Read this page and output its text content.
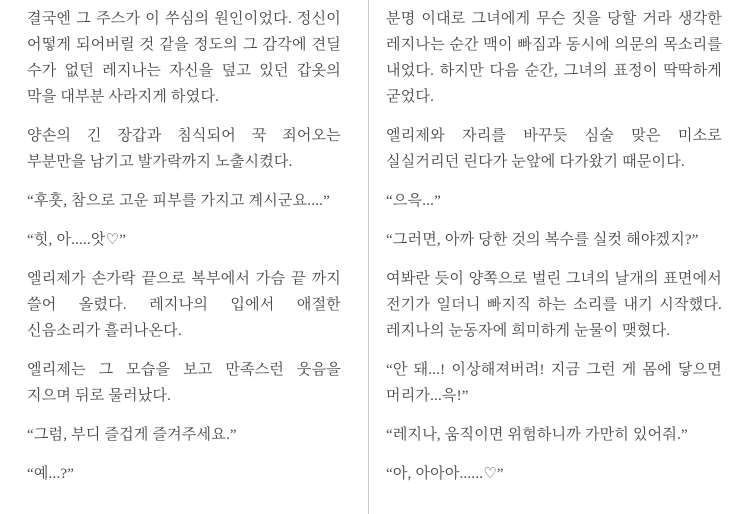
결국엔 그 주스가 이 쑤심의 원인이었다. 정신이 어떻게 되어버릴 것 같을 정도의 그 감각에 견딜 수가 없던 레지나는 자신을 덮고 있던 갑옷의 막을 대부분 사라지게 하였다.

양손의 긴 장갑과 침식되어 꾹 죄어오는 부분만을 남기고 발가락까지 노출시켰다.

“후훗, 참으로 고운 피부를 가지고 계시군요....”

“힛, 아.....앗♡”

엘리제가 손가락 끝으로 복부에서 가슴 끝 까지 쓸어 올렸다. 레지나의 입에서 애절한 신음소리가 흘러나온다.

엘리제는 그 모습을 보고 만족스런 웃음을 지으며 뒤로 물러났다.

“그럼, 부디 즐겁게 즐겨주세요.”

“예...?”

분명 이대로 그녀에게 무슨 짓을 당할 거라 생각한 레지나는 순간 맥이 빠짐과 동시에 의문의 목소리를 내었다. 하지만 다음 순간, 그녀의 표정이 딱딱하게 굳었다.

엘리제와 자리를 바꾸듯 심술 맞은 미소로 실실거리던 린다가 눈앞에 다가왔기 때문이다.

“으윽...”

“그러면, 아까 당한 것의 복수를 실컷 해야겠지?”

여봐란 듯이 양쪽으로 벌린 그녀의 날개의 표면에서 전기가 일더니 빠지직 하는 소리를 내기 시작했다. 레지나의 눈동자에 희미하게 눈물이 맺혔다.

“안 돼...! 이상해져버려! 지금 그런 게 몸에 닿으면 머리가...윽!”

“레지나, 움직이면 위험하니까 가만히 있어줘.”

“아, 아아아......♡”
